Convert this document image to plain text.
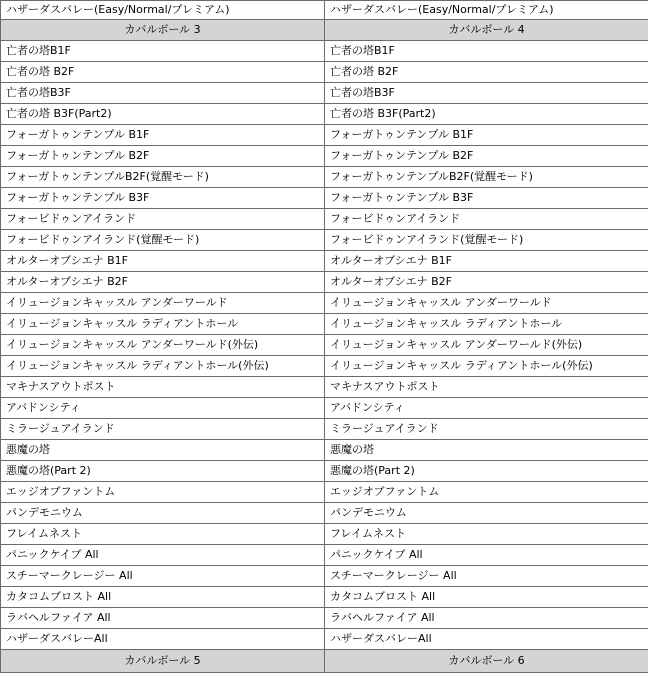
ハザーダスバレー(Easy/Normal/プレミアム)	ハザーダスバレー(Easy/Normal/プレミアム)
カバルボール 3	カバルボール 4
亡者の塔B1F	亡者の塔B1F
亡者の塔 B2F	亡者の塔 B2F
亡者の塔B3F	亡者の塔B3F
亡者の塔 B3F(Part2)	亡者の塔 B3F(Part2)
フォーガトゥンテンプル B1F	フォーガトゥンテンプル B1F
フォーガトゥンテンプル B2F	フォーガトゥンテンプル B2F
フォーガトゥンテンプルB2F(覚醒モード)	フォーガトゥンテンプルB2F(覚醒モード)
フォーガトゥンテンプル B3F	フォーガトゥンテンプル B3F
フォービドゥンアイランド	フォービドゥンアイランド
フォービドゥンアイランド(覚醒モード)	フォービドゥンアイランド(覚醒モード)
オルターオブシエナ B1F	オルターオブシエナ B1F
オルターオブシエナ B2F	オルターオブシエナ B2F
イリュージョンキャッスル アンダーワールド	イリュージョンキャッスル アンダーワールド
イリュージョンキャッスル ラディアントホール	イリュージョンキャッスル ラディアントホール
イリュージョンキャッスル アンダーワールド(外伝)	イリュージョンキャッスル アンダーワールド(外伝)
イリュージョンキャッスル ラディアントホール(外伝)	イリュージョンキャッスル ラディアントホール(外伝)
マキナスアウトポスト	マキナスアウトポスト
アバドンシティ	アバドンシティ
ミラージュアイランド	ミラージュアイランド
悪魔の塔	悪魔の塔
悪魔の塔(Part 2)	悪魔の塔(Part 2)
エッジオブファントム	エッジオブファントム
パンデモニウム	パンデモニウム
フレイムネスト	フレイムネスト
パニックケイブ All	パニックケイブ All
スチーマークレージー All	スチーマークレージー All
カタコムブロスト All	カタコムブロスト All
ラバヘルファイア All	ラバヘルファイア All
ハザーダスバレーAll	ハザーダスバレーAll
カバルボール 5	カバルボール 6
